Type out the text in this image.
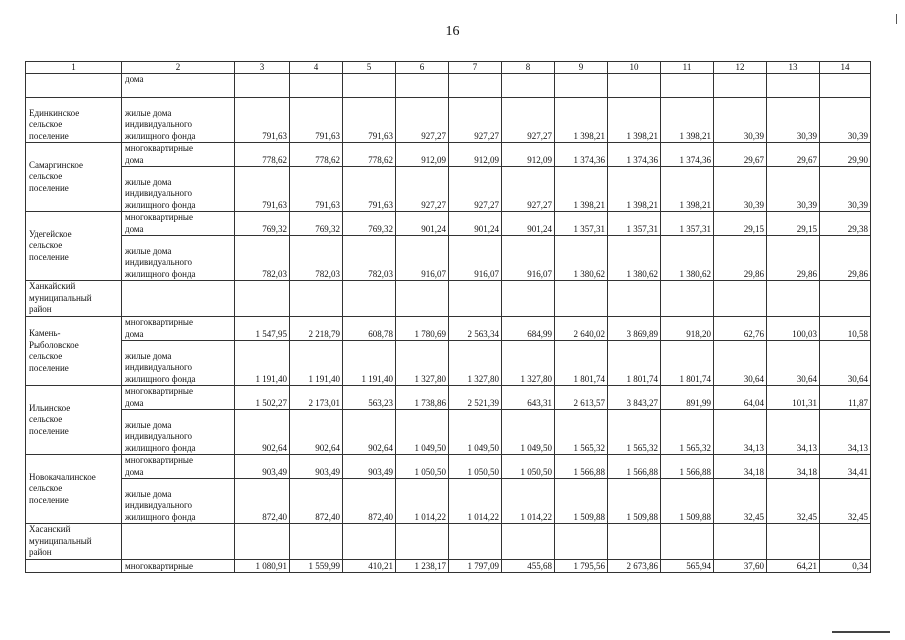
16
1	2	3	4	5	6	7	8	9	10	11	12	13	14
	дома												
Единкинское
сельское
поселение	жилые дома
индивидуального
жилищного фонда	791,63	791,63	791,63	927,27	927,27	927,27	1 398,21	1 398,21	1 398,21	30,39	30,39	30,39
Самаргинское
сельское
поселение	многоквартирные
дома	778,62	778,62	778,62	912,09	912,09	912,09	1 374,36	1 374,36	1 374,36	29,67	29,67	29,90
	жилые дома
индивидуального
жилищного фонда	791,63	791,63	791,63	927,27	927,27	927,27	1 398,21	1 398,21	1 398,21	30,39	30,39	30,39
Удегейское
сельское
поселение	многоквартирные
дома	769,32	769,32	769,32	901,24	901,24	901,24	1 357,31	1 357,31	1 357,31	29,15	29,15	29,38
	жилые дома
индивидуального
жилищного фонда	782,03	782,03	782,03	916,07	916,07	916,07	1 380,62	1 380,62	1 380,62	29,86	29,86	29,86
Ханкайский
муниципальный
район													
Камень-
Рыболовское
сельское
поселение	многоквартирные
дома	1 547,95	2 218,79	608,78	1 780,69	2 563,34	684,99	2 640,02	3 869,89	918,20	62,76	100,03	10,58
	жилые дома
индивидуального
жилищного фонда	1 191,40	1 191,40	1 191,40	1 327,80	1 327,80	1 327,80	1 801,74	1 801,74	1 801,74	30,64	30,64	30,64
Ильинское
сельское
поселение	многоквартирные
дома	1 502,27	2 173,01	563,23	1 738,86	2 521,39	643,31	2 613,57	3 843,27	891,99	64,04	101,31	11,87
	жилые дома
индивидуального
жилищного фонда	902,64	902,64	902,64	1 049,50	1 049,50	1 049,50	1 565,32	1 565,32	1 565,32	34,13	34,13	34,13
Новокачалинское
сельское
поселение	многоквартирные
дома	903,49	903,49	903,49	1 050,50	1 050,50	1 050,50	1 566,88	1 566,88	1 566,88	34,18	34,18	34,41
	жилые дома
индивидуального
жилищного фонда	872,40	872,40	872,40	1 014,22	1 014,22	1 014,22	1 509,88	1 509,88	1 509,88	32,45	32,45	32,45
Хасанский
муниципальный
район													
	многоквартирные	1 080,91	1 559,99	410,21	1 238,17	1 797,09	455,68	1 795,56	2 673,86	565,94	37,60	64,21	0,34
